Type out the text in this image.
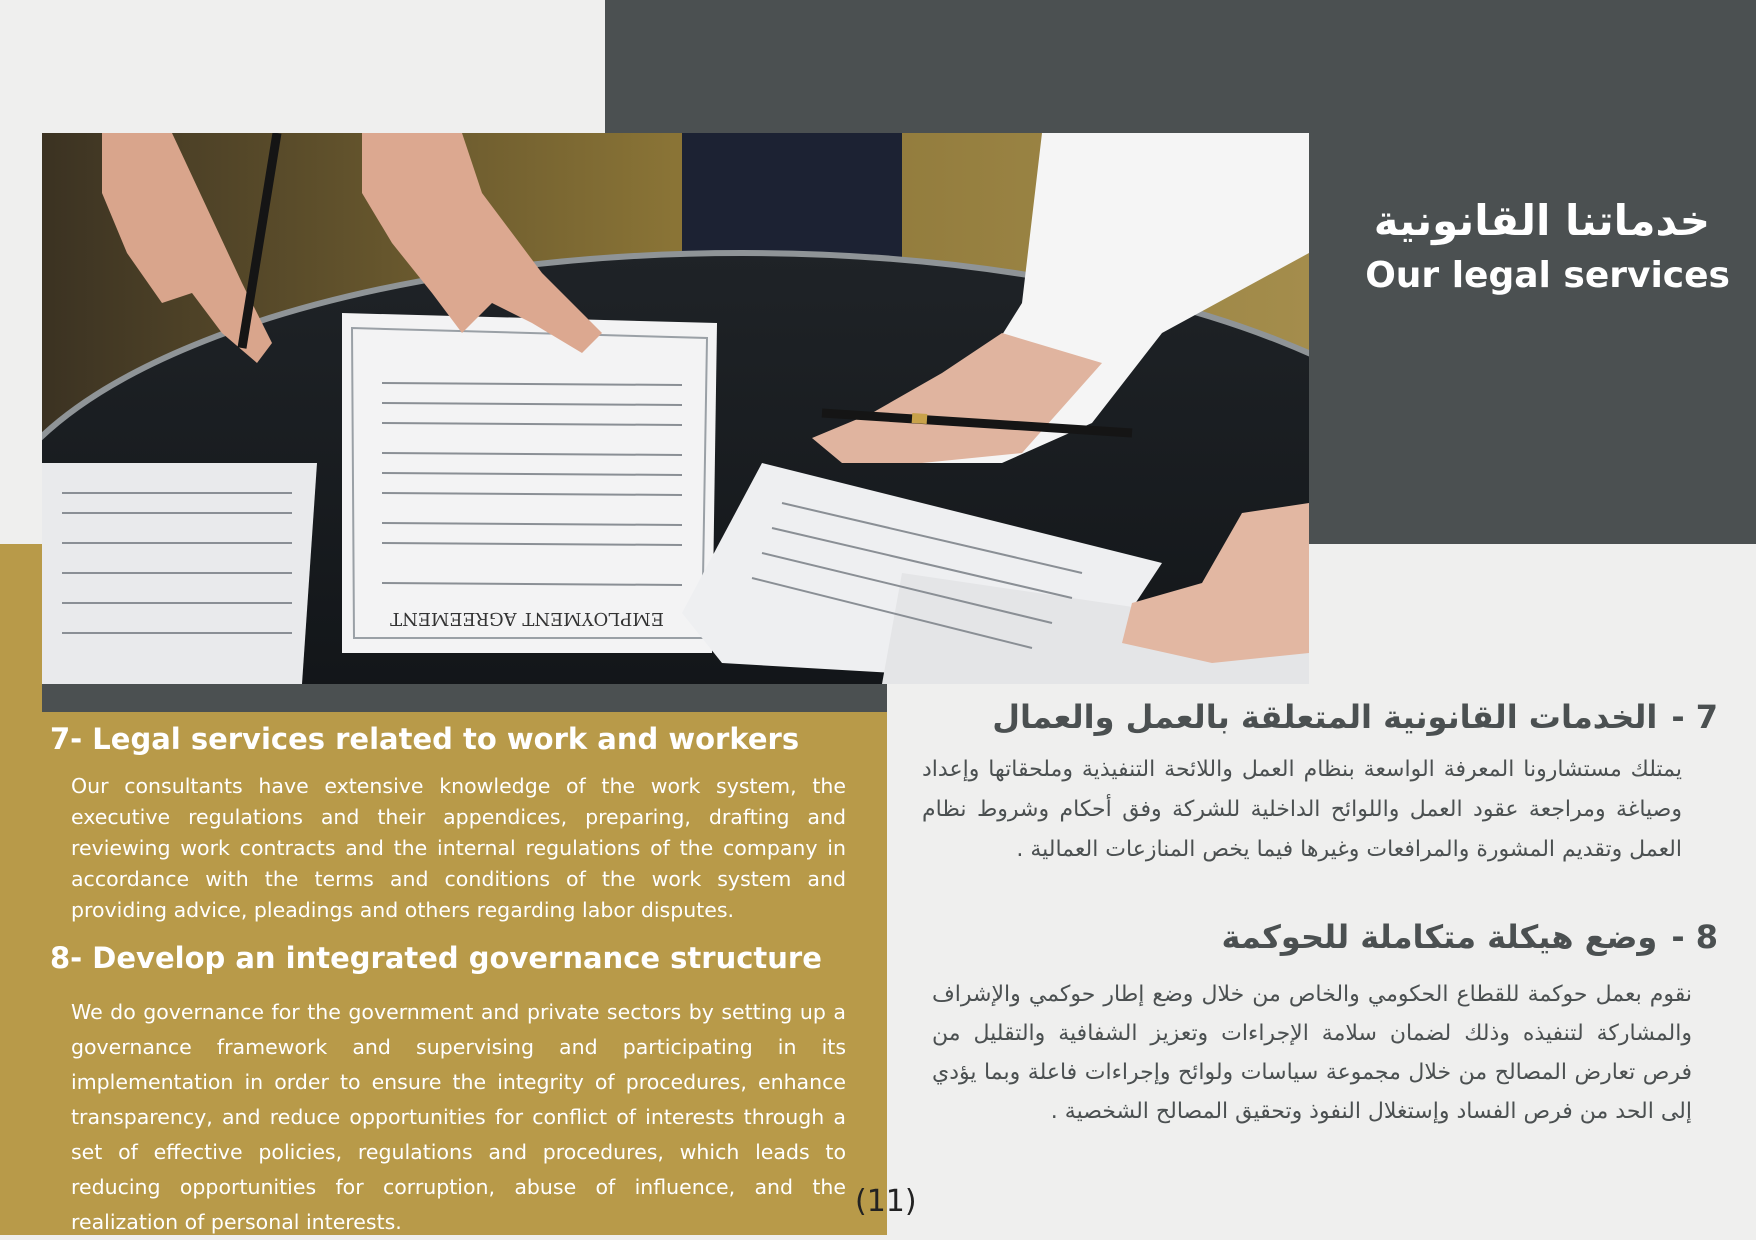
EMPLOYMENT AGREEMENT
خدماتنا القانونية
Our legal services
7- Legal services related to work and workers
Our consultants have extensive knowledge of the work system, the executive regulations and their appendices, preparing, drafting and reviewing work contracts and the internal regulations of the company in accordance with the terms and conditions of the work system and providing advice, pleadings and others regarding labor disputes.
8- Develop an integrated governance structure
We do governance for the government and private sectors by setting up a governance framework and supervising and participating in its implementation in order to ensure the integrity of procedures, enhance transparency, and reduce opportunities for conflict of interests through a set of effective policies, regulations and procedures, which leads to reducing opportunities for corruption, abuse of influence, and the realization of personal interests.
7 -الخدمات القانونية المتعلقة بالعمل والعمال
يمتلك مستشارونا المعرفة الواسعة بنظام العمل واللائحة التنفيذية وملحقاتها وإعداد وصياغة ومراجعة عقود العمل واللوائح الداخلية للشركة وفق أحكام وشروط نظام العمل وتقديم المشورة والمرافعات وغيرها فيما يخص المنازعات العمالية .
8 -وضع هيكلة متكاملة للحوكمة
نقوم بعمل حوكمة للقطاع الحكومي والخاص من خلال وضع إطار حوكمي والإشراف والمشاركة لتنفيذه وذلك لضمان سلامة الإجراءات وتعزيز الشفافية والتقليل من فرص تعارض المصالح من خلال مجموعة سياسات ولوائح وإجراءات فاعلة وبما يؤدي إلى الحد من فرص الفساد وإستغلال النفوذ وتحقيق المصالح الشخصية .
(11)
